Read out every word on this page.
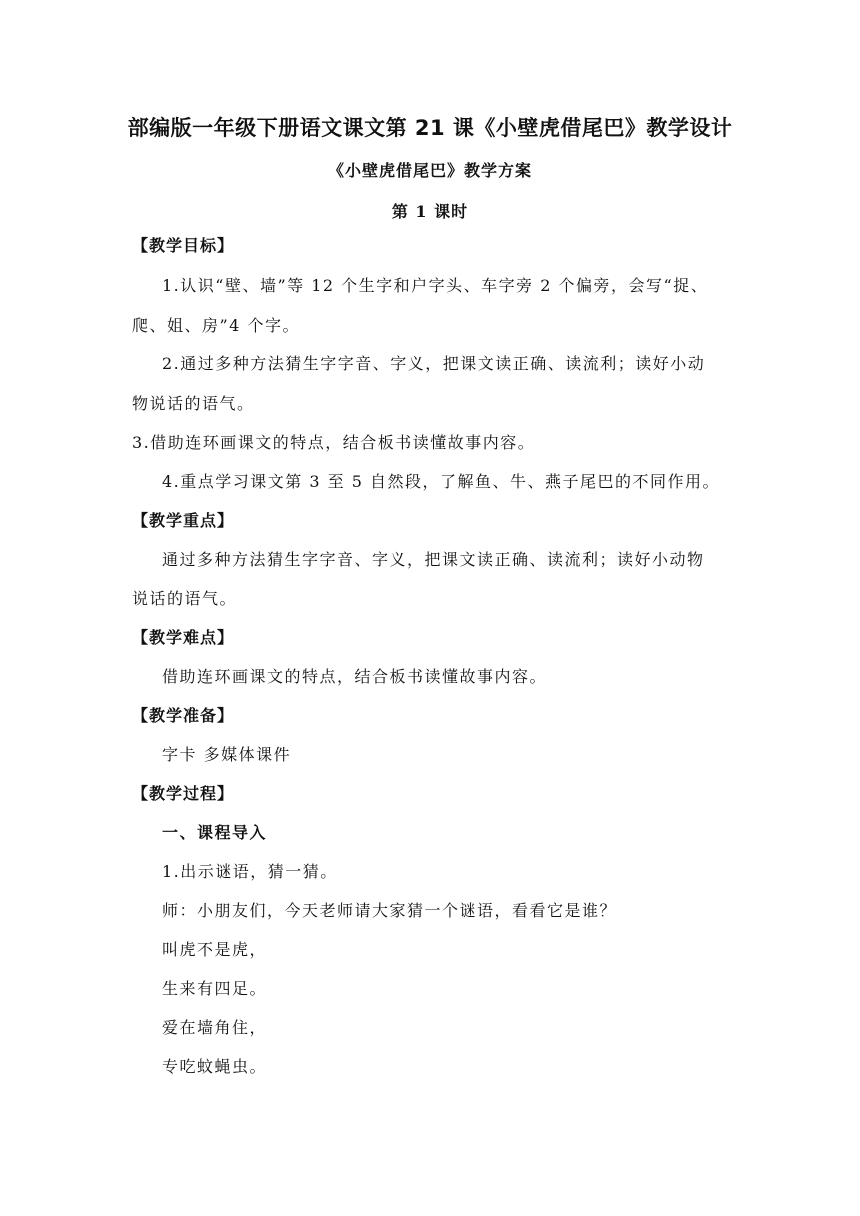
部编版一年级下册语文课文第 21 课《小壁虎借尾巴》教学设计
《小壁虎借尾巴》教学方案
第 1 课时
【教学目标】
1.认识“壁、墙”等 12 个生字和户字头、车字旁 2 个偏旁，会写“捉、
爬、姐、房”4 个字。
2.通过多种方法猜生字字音、字义，把课文读正确、读流利；读好小动
物说话的语气。
3.借助连环画课文的特点，结合板书读懂故事内容。
4.重点学习课文第 3 至 5 自然段，了解鱼、牛、燕子尾巴的不同作用。
【教学重点】
通过多种方法猜生字字音、字义，把课文读正确、读流利；读好小动物
说话的语气。
【教学难点】
借助连环画课文的特点，结合板书读懂故事内容。
【教学准备】
字卡 多媒体课件
【教学过程】
一、课程导入
1.出示谜语，猜一猜。
师：小朋友们，今天老师请大家猜一个谜语，看看它是谁？
叫虎不是虎，
生来有四足。
爱在墙角住，
专吃蚊蝇虫。
